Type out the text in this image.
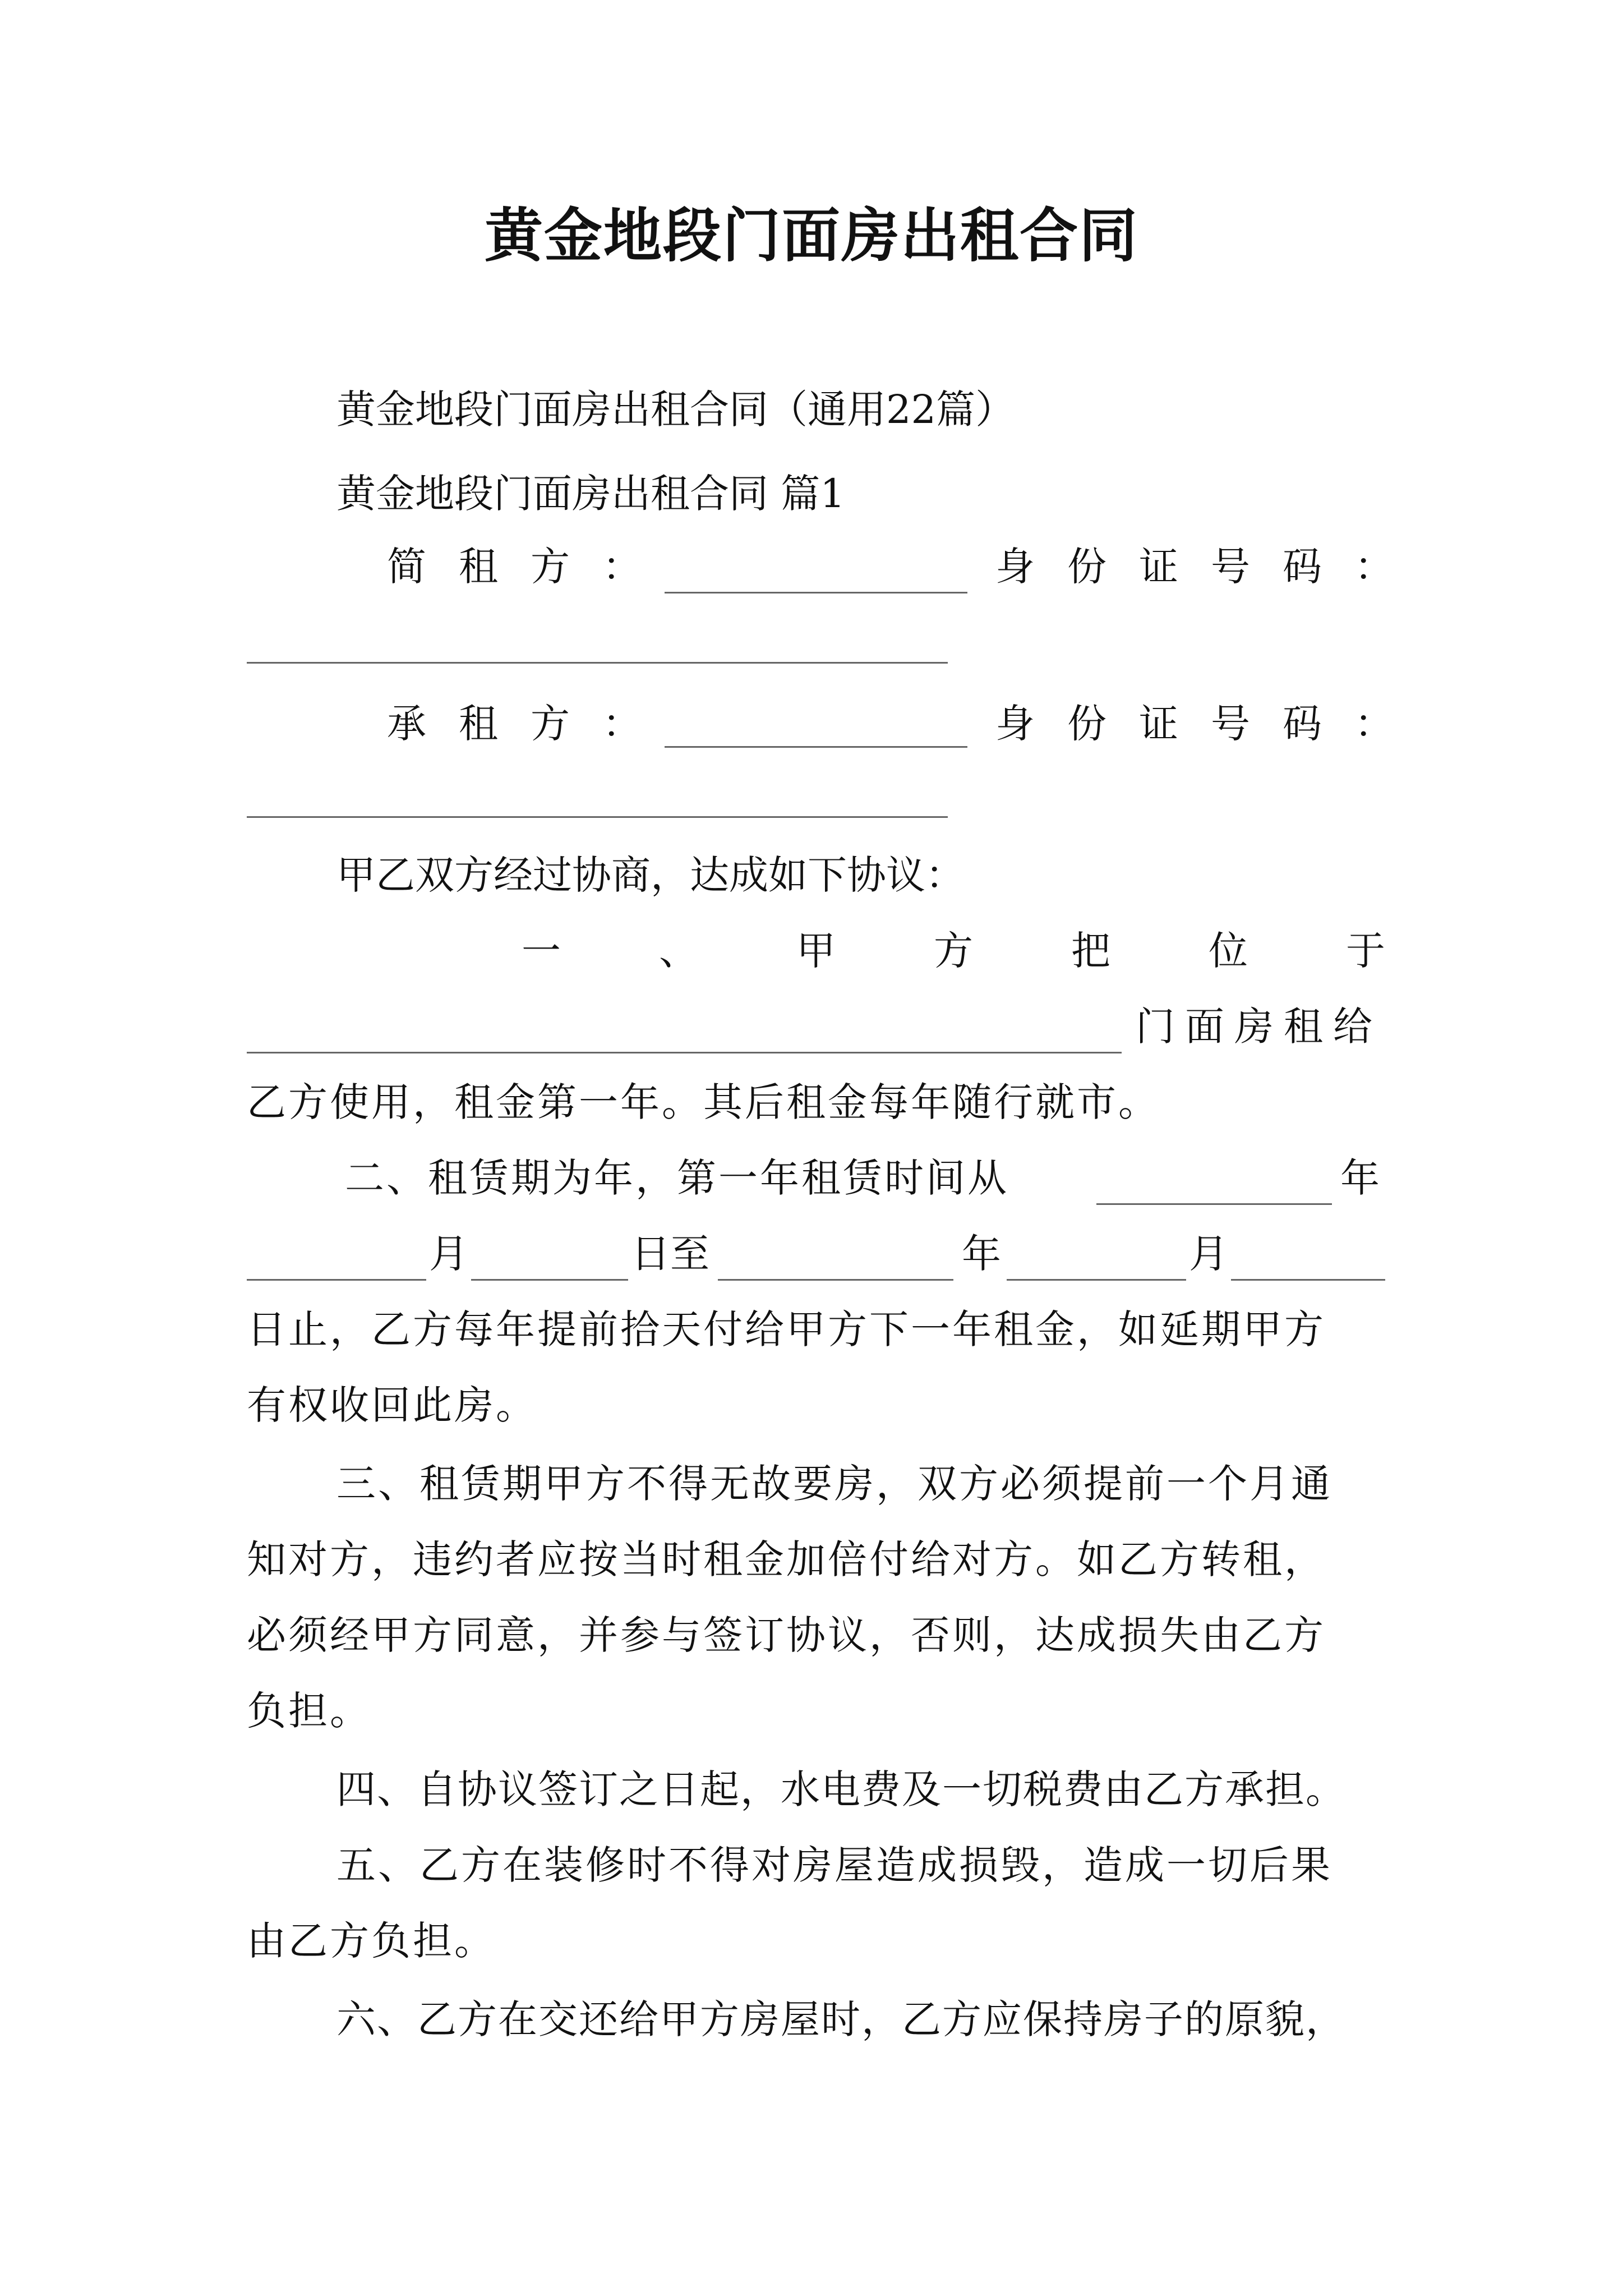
黄金地段门面房出租合同
黄金地段门面房出租合同（通用22篇）
黄金地段门面房出租合同 篇1
简租方：	身份证号码：
承租方：	身份证号码：
甲乙双方经过协商，达成如下协议：
一	、	甲	方	把	位	于
门面房租给
乙方使用，租金第一年。其后租金每年随行就市。
二、租赁期为年，第一年租赁时间从	年
月	日至	年	月
日止，乙方每年提前拾天付给甲方下一年租金，如延期甲方
有权收回此房。
三、租赁期甲方不得无故要房，双方必须提前一个月通
知对方，违约者应按当时租金加倍付给对方。如乙方转租，
必须经甲方同意，并参与签订协议，否则，达成损失由乙方
负担。
四、自协议签订之日起，水电费及一切税费由乙方承担。
五、乙方在装修时不得对房屋造成损毁，造成一切后果
由乙方负担。
六、乙方在交还给甲方房屋时，乙方应保持房子的原貌，
